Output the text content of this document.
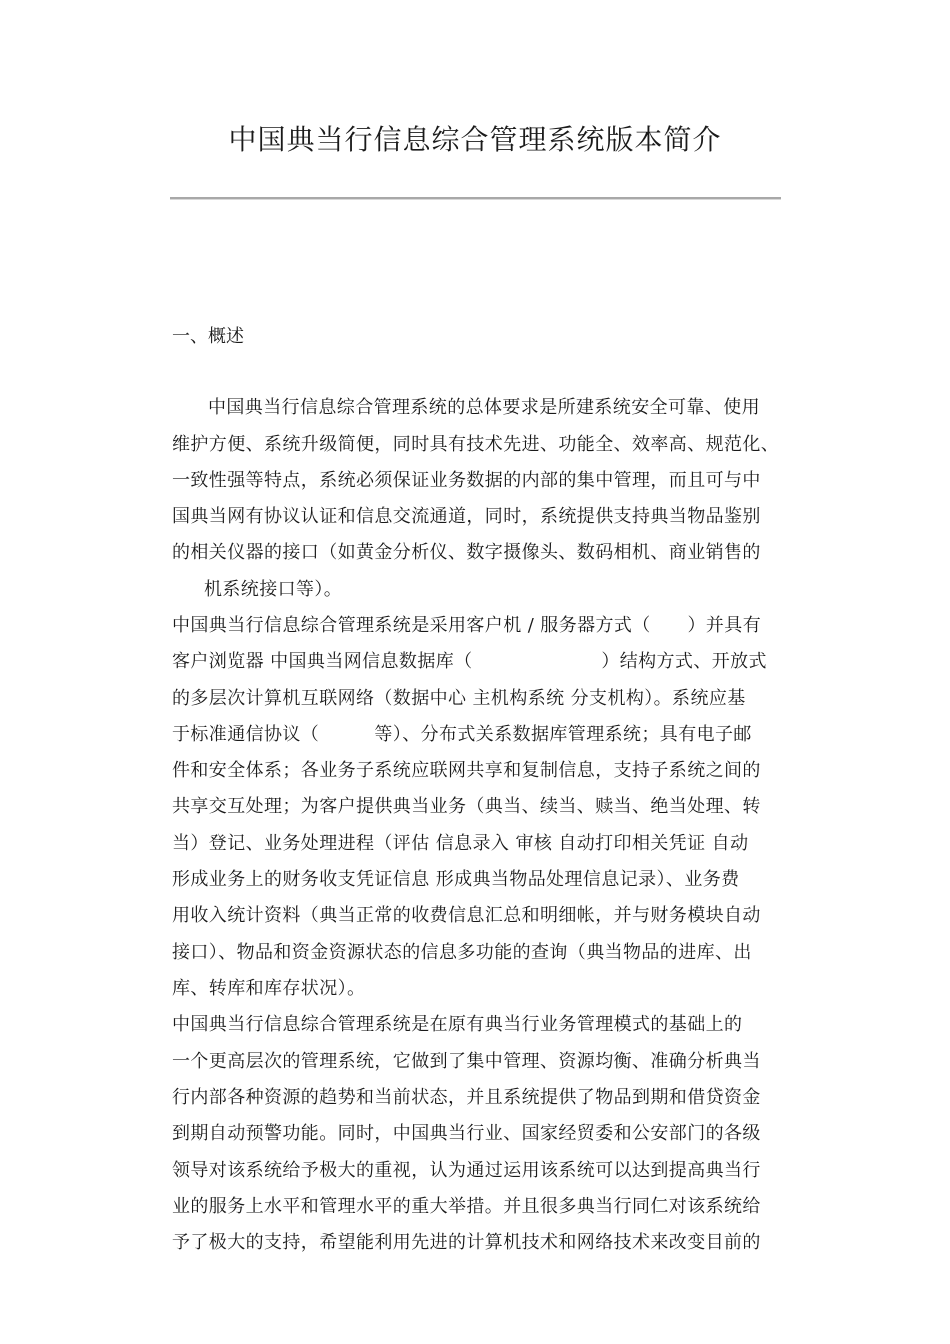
中国典当行信息综合管理系统版本简介
一、概述
中国典当行信息综合管理系统的总体要求是所建系统安全可靠、使用
维护方便、系统升级简便，同时具有技术先进、功能全、效率高、规范化、
一致性强等特点，系统必须保证业务数据的内部的集中管理，而且可与中
国典当网有协议认证和信息交流通道，同时，系统提供支持典当物品鉴别
的相关仪器的接口（如黄金分析仪、数字摄像头、数码相机、商业销售的
机系统接口等）。
中国典当行信息综合管理系统是采用客户机 / 服务器方式（　　）并具有
客户浏览器 中国典当网信息数据库（　　　　　　　）结构方式、开放式
的多层次计算机互联网络（数据中心 主机构系统 分支机构）。系统应基
于标准通信协议（　　　等）、分布式关系数据库管理系统；具有电子邮
件和安全体系；各业务子系统应联网共享和复制信息，支持子系统之间的
共享交互处理；为客户提供典当业务（典当、续当、赎当、绝当处理、转
当）登记、业务处理进程（评估 信息录入 审核 自动打印相关凭证 自动
形成业务上的财务收支凭证信息 形成典当物品处理信息记录）、业务费
用收入统计资料（典当正常的收费信息汇总和明细帐，并与财务模块自动
接口）、物品和资金资源状态的信息多功能的查询（典当物品的进库、出
库、转库和库存状况）。
中国典当行信息综合管理系统是在原有典当行业务管理模式的基础上的
一个更高层次的管理系统，它做到了集中管理、资源均衡、准确分析典当
行内部各种资源的趋势和当前状态，并且系统提供了物品到期和借贷资金
到期自动预警功能。同时，中国典当行业、国家经贸委和公安部门的各级
领导对该系统给予极大的重视，认为通过运用该系统可以达到提高典当行
业的服务上水平和管理水平的重大举措。并且很多典当行同仁对该系统给
予了极大的支持，希望能利用先进的计算机技术和网络技术来改变目前的
